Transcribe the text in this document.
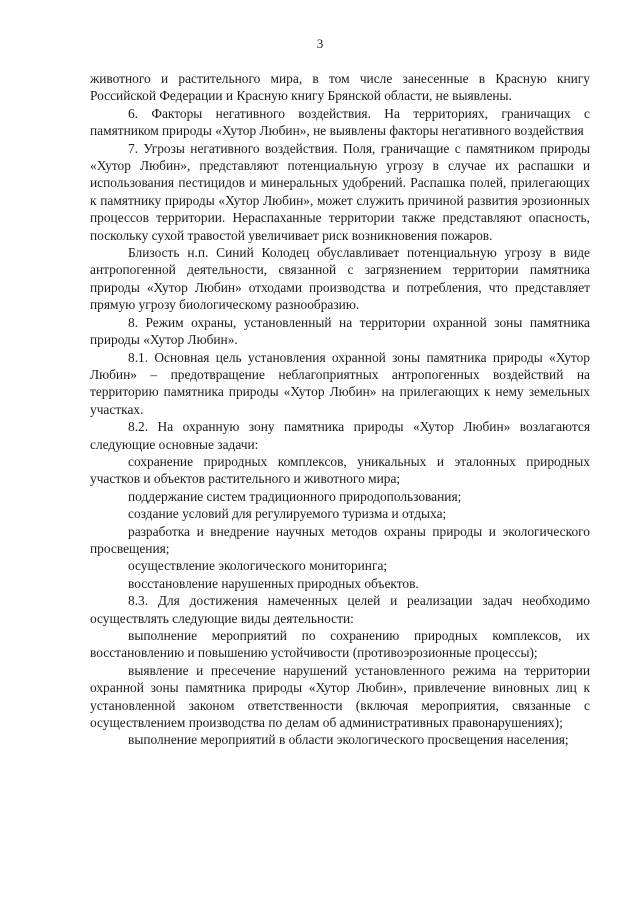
3

животного и растительного мира, в том числе занесенные в Красную книгу Российской Федерации и Красную книгу Брянской области, не выявлены.

6. Факторы негативного воздействия. На территориях, граничащих с памятником природы «Хутор Любин», не выявлены факторы негативного воздействия

7. Угрозы негативного воздействия. Поля, граничащие с памятником природы «Хутор Любин», представляют потенциальную угрозу в случае их распашки и использования пестицидов и минеральных удобрений. Распашка полей, прилегающих к памятнику природы «Хутор Любин», может служить причиной развития эрозионных процессов территории. Нераспаханные территории также представляют опасность, поскольку сухой травостой увеличивает риск возникновения пожаров.

Близость н.п. Синий Колодец обуславливает потенциальную угрозу в виде антропогенной деятельности, связанной с загрязнением территории памятника природы «Хутор Любин» отходами производства и потребления, что представляет прямую угрозу биологическому разнообразию.

8. Режим охраны, установленный на территории охранной зоны памятника природы «Хутор Любин».

8.1. Основная цель установления охранной зоны памятника природы «Хутор Любин» – предотвращение неблагоприятных антропогенных воздействий на территорию памятника природы «Хутор Любин» на прилегающих к нему земельных участках.

8.2. На охранную зону памятника природы «Хутор Любин» возлагаются следующие основные задачи:

сохранение природных комплексов, уникальных и эталонных природных участков и объектов растительного и животного мира;

поддержание систем традиционного природопользования;

создание условий для регулируемого туризма и отдыха;

разработка и внедрение научных методов охраны природы и экологического просвещения;

осуществление экологического мониторинга;

восстановление нарушенных природных объектов.

8.3. Для достижения намеченных целей и реализации задач необходимо осуществлять следующие виды деятельности:

выполнение мероприятий по сохранению природных комплексов, их восстановлению и повышению устойчивости (противоэрозионные процессы);

выявление и пресечение нарушений установленного режима на территории охранной зоны памятника природы «Хутор Любин», привлечение виновных лиц к установленной законом ответственности (включая мероприятия, связанные с осуществлением производства по делам об административных правонарушениях);

выполнение мероприятий в области экологического просвещения населения;
